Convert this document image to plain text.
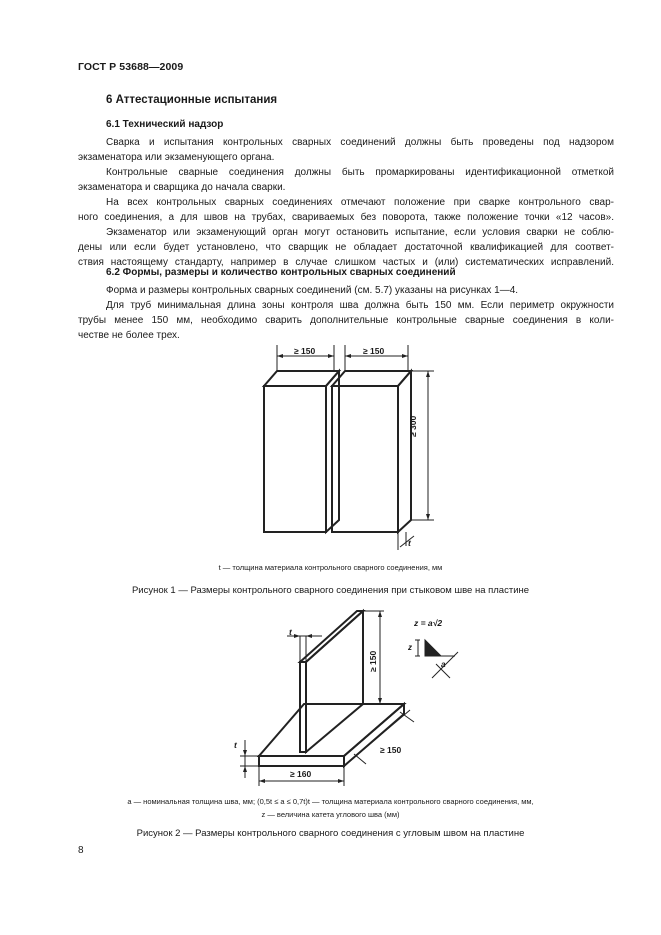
ГОСТ Р 53688—2009
6 Аттестационные испытания
6.1 Технический надзор
Сварка и испытания контрольных сварных соединений должны быть проведены под надзором
экзаменатора или экзаменующего органа.
Контрольные сварные соединения должны быть промаркированы идентификационной отметкой
экзаменатора и сварщика до начала сварки.
На всех контрольных сварных соединениях отмечают положение при сварке контрольного свар-
ного соединения, а для швов на трубах, свариваемых без поворота, также положение точки «12 часов».
Экзаменатор или экзаменующий орган могут остановить испытание, если условия сварки не соблю-
дены или если будет установлено, что сварщик не обладает достаточной квалификацией для соответ-
ствия настоящему стандарту, например в случае слишком частых и (или) систематических исправлений.
6.2 Формы, размеры и количество контрольных сварных соединений
Форма и размеры контрольных сварных соединений (см. 5.7) указаны на рисунках 1—4.
Для труб минимальная длина зоны контроля шва должна быть 150 мм. Если периметр окружности
трубы менее 150 мм, необходимо сварить дополнительные контрольные сварные соединения в коли-
честве не более трех.
≥ 150	≥ 150
≥ 300
t
t — толщина материала контрольного сварного соединения, мм
Рисунок 1 — Размеры контрольного сварного соединения при стыковом шве на пластине
t
≥ 150
t
≥ 160
≥ 150
z = a√2
z
a
a — номинальная толщина шва, мм; (0,5t ≤ a ≤ 0,7t)t — толщина материала контрольного сварного соединения, мм,
z — величина катета углового шва (мм)
Рисунок 2 — Размеры контрольного сварного соединения с угловым швом на пластине
8
